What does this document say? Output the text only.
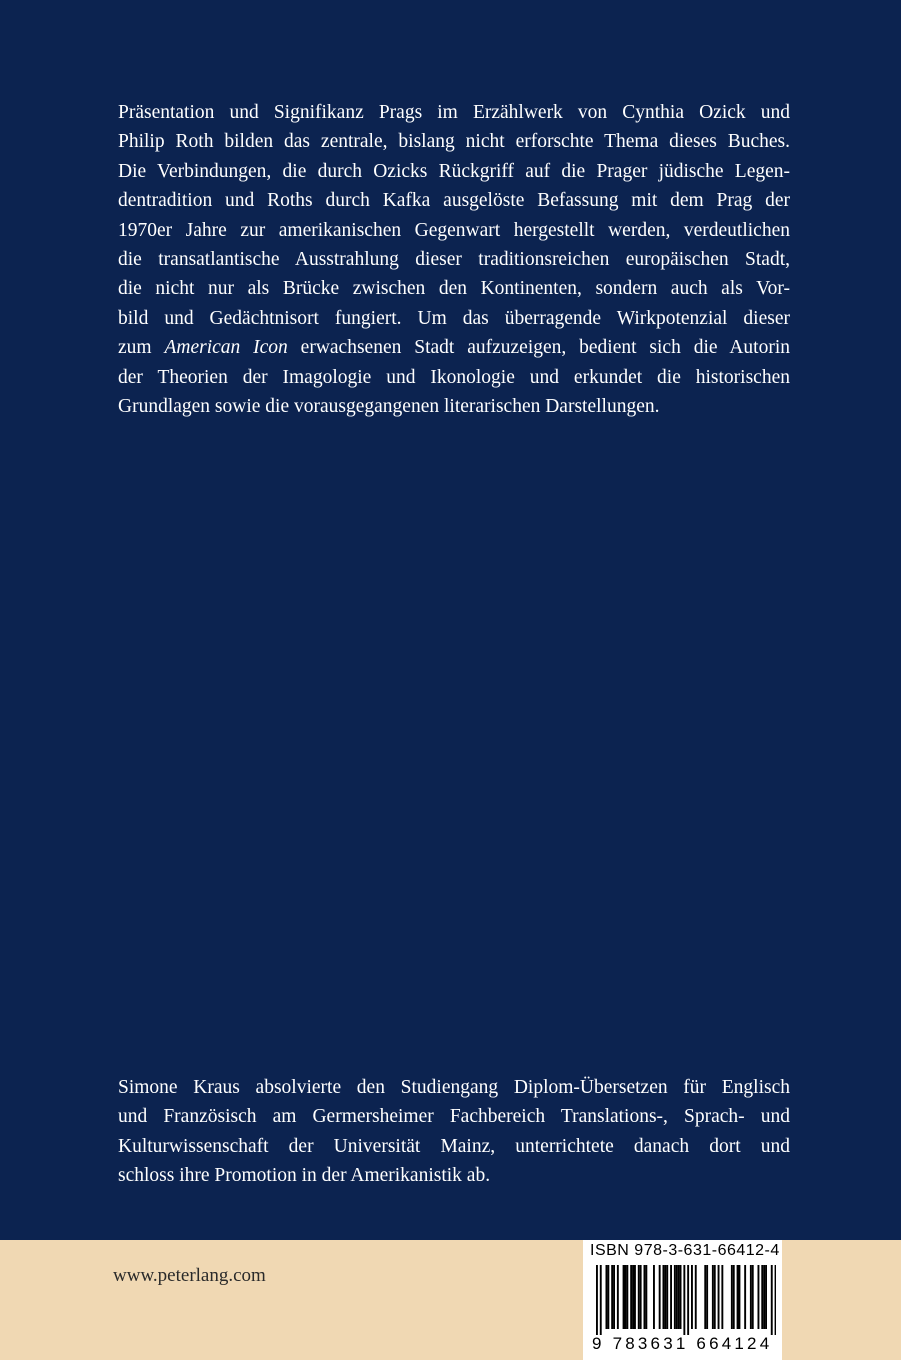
Präsentation und Signifikanz Prags im Erzählwerk von Cynthia Ozick und
Philip Roth bilden das zentrale, bislang nicht erforschte Thema dieses Buches.
Die Verbindungen, die durch Ozicks Rückgriff auf die Prager jüdische Legen-
dentradition und Roths durch Kafka ausgelöste Befassung mit dem Prag der
1970er Jahre zur amerikanischen Gegenwart hergestellt werden, verdeutlichen
die transatlantische Ausstrahlung dieser traditionsreichen europäischen Stadt,
die nicht nur als Brücke zwischen den Kontinenten, sondern auch als Vor-
bild und Gedächtnisort fungiert. Um das überragende Wirkpotenzial dieser
zum American Icon erwachsenen Stadt aufzuzeigen, bedient sich die Autorin
der Theorien der Imagologie und Ikonologie und erkundet die historischen
Grundlagen sowie die vorausgegangenen literarischen Darstellungen.
Simone Kraus absolvierte den Studiengang Diplom-Übersetzen für Englisch
und Französisch am Germersheimer Fachbereich Translations-, Sprach- und
Kulturwissenschaft der Universität Mainz, unterrichtete danach dort und
schloss ihre Promotion in der Amerikanistik ab.
www.peterlang.com
ISBN 978-3-631-66412-4
9 783631 664124
